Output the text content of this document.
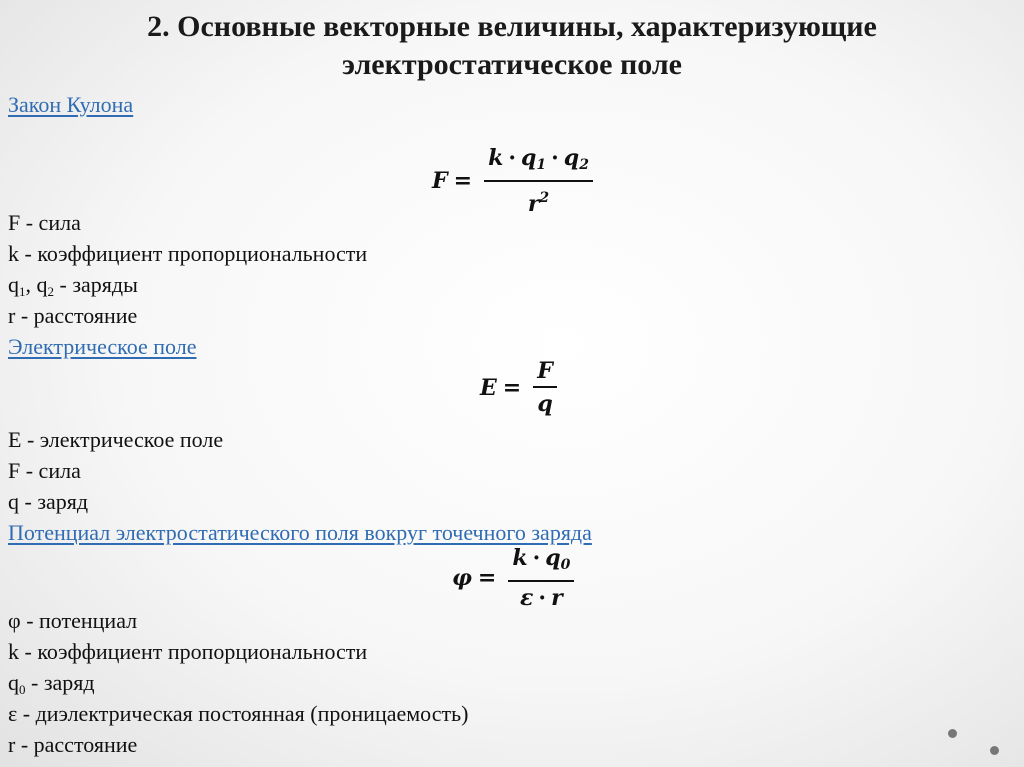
2. Основные векторные величины, характеризующие
электростатическое поле
Закон Кулона
$F = \frac{k \cdot q_1 \cdot q_2}{r^2}$
F - сила
k - коэффициент пропорциональности
$q_1$, $q_2$ - заряды
r - расстояние
Электрическое поле
$E = \frac{F}{q}$
E - электрическое поле
F - сила
q - заряд
Потенциал электростатического поля вокруг точечного заряда
$\varphi = \frac{k \cdot q_0}{\varepsilon \cdot r}$
φ - потенциал
k - коэффициент пропорциональности
$q_0$ - заряд
ε - диэлектрическая постоянная (проницаемость)
r - расстояние
